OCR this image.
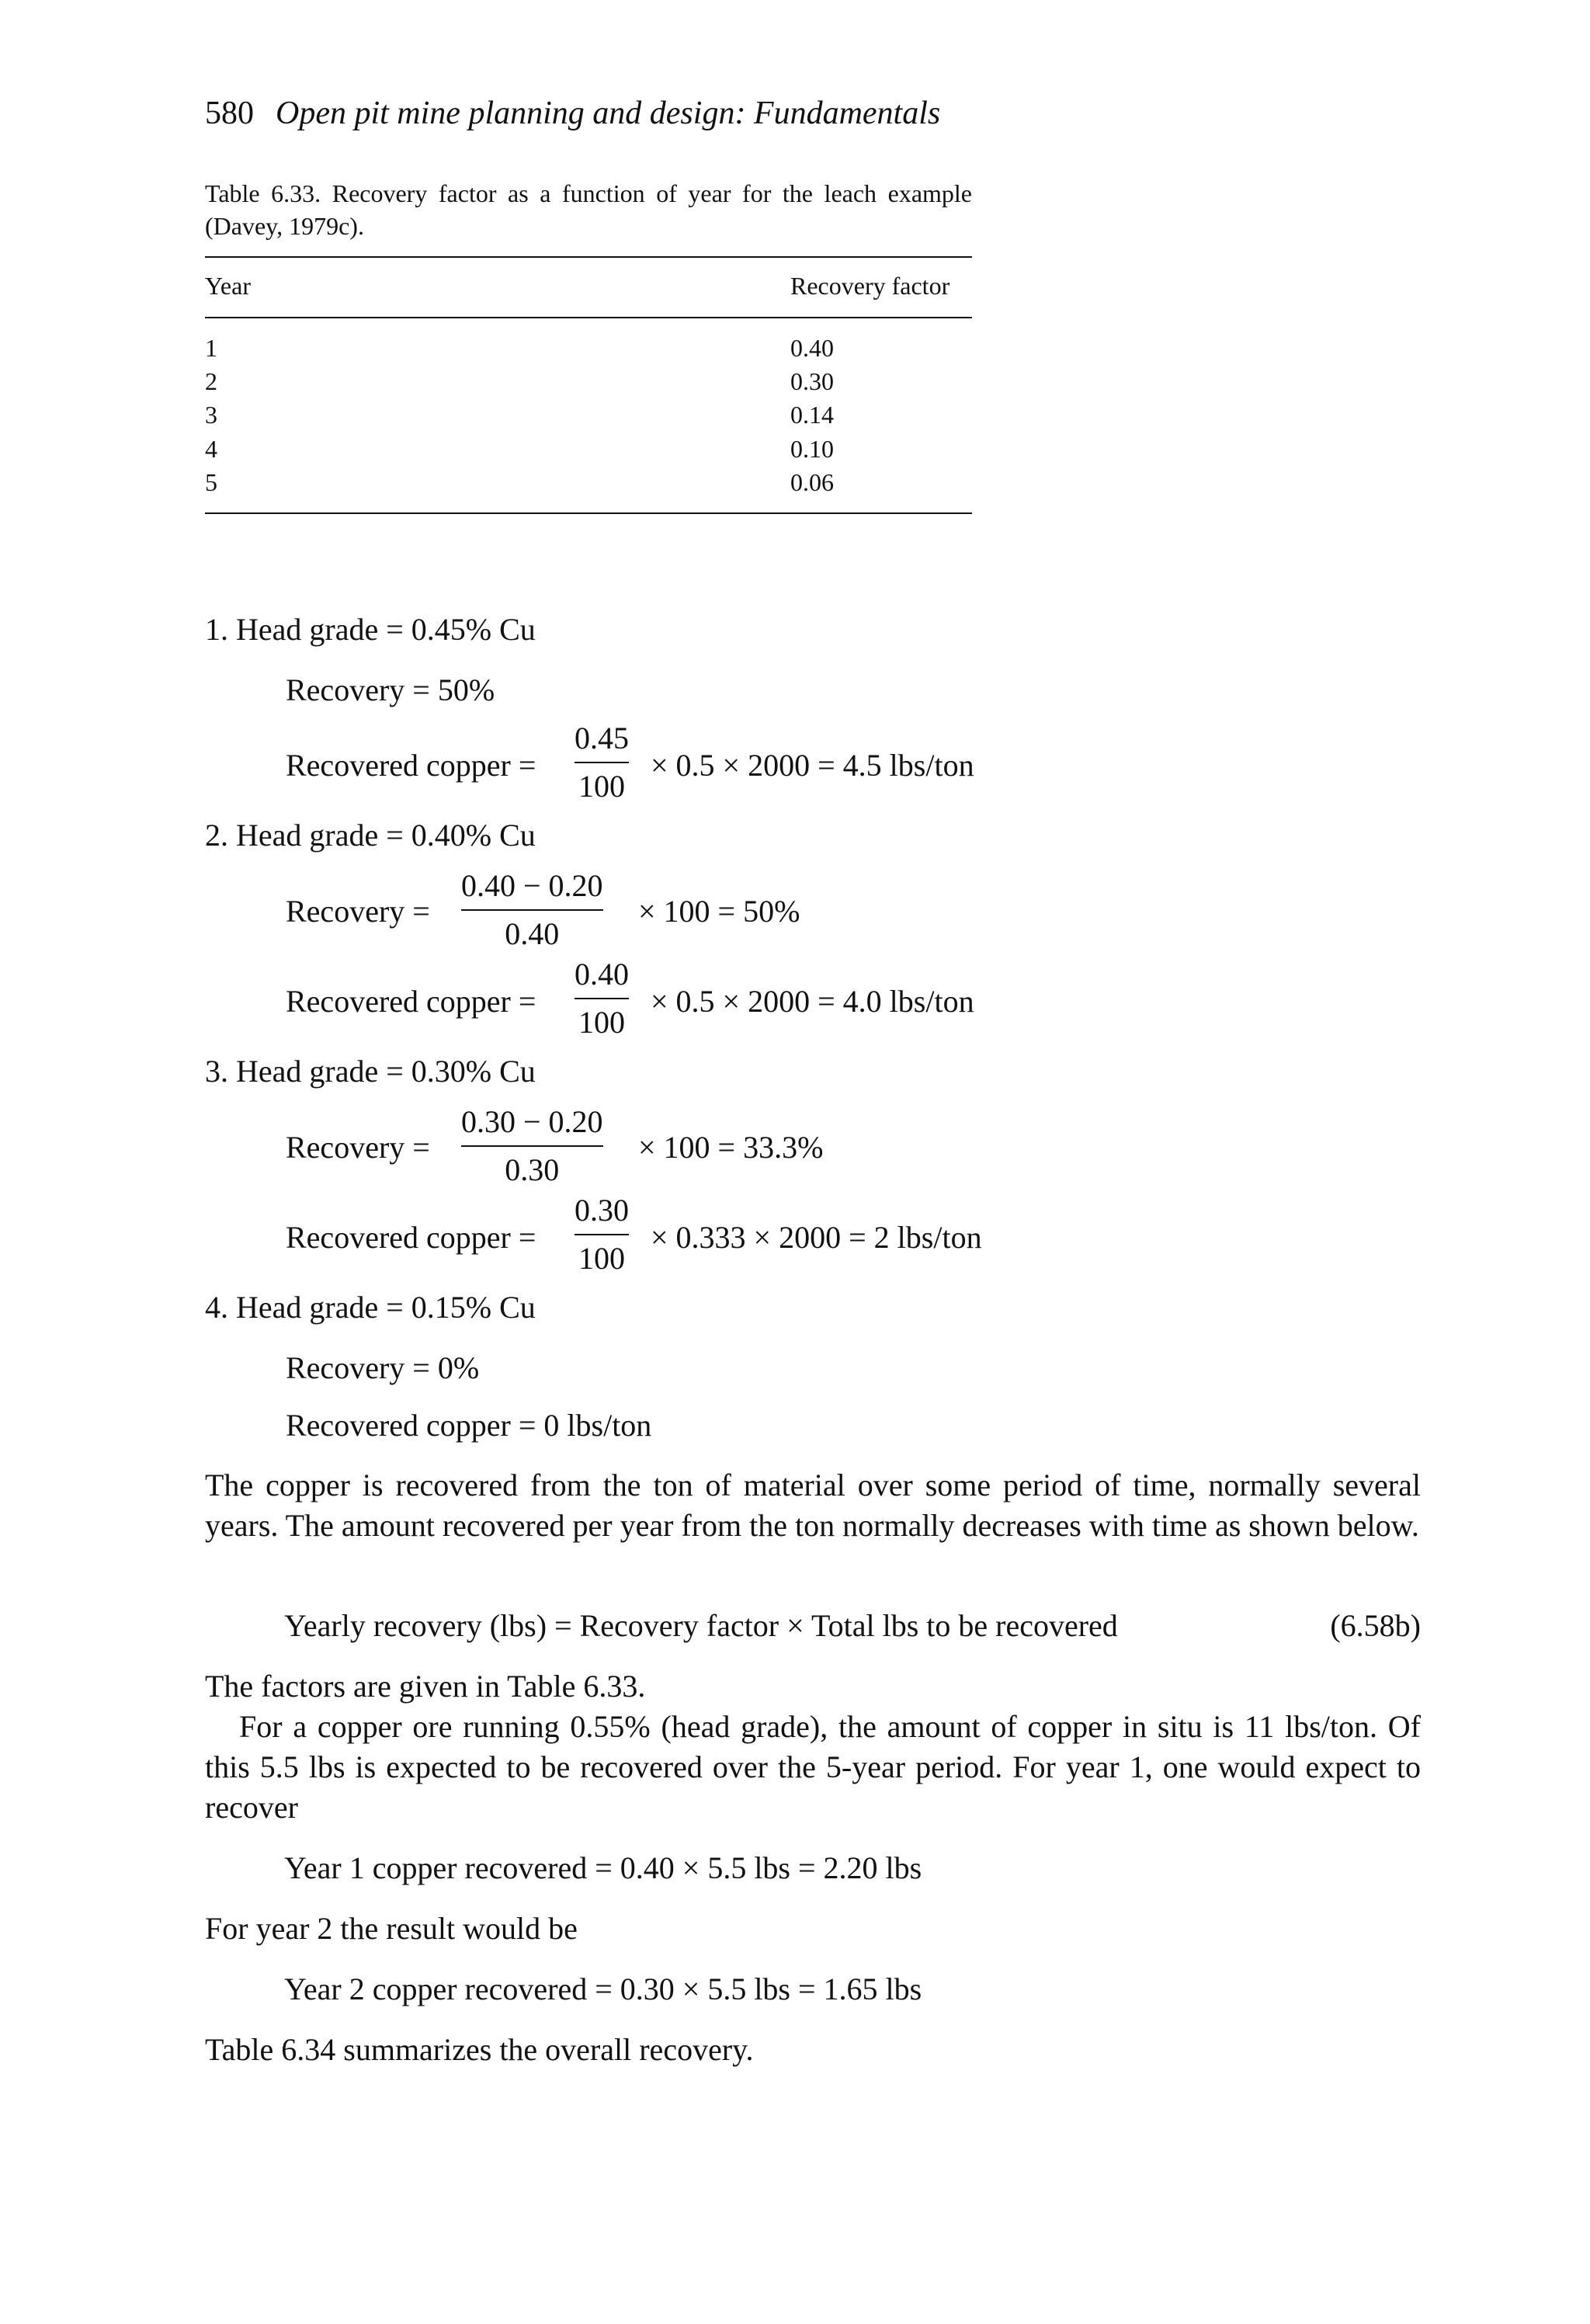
580 Open pit mine planning and design: Fundamentals
Table 6.33. Recovery factor as a function of year for the leach example (Davey, 1979c).
Year	Recovery factor
1	0.40
2	0.30
3	0.14
4	0.10
5	0.06
1. Head grade = 0.45% Cu
Recovery = 50%
Recovered copper =
0.45
100
× 0.5 × 2000 = 4.5 lbs/ton
2. Head grade = 0.40% Cu
Recovery =
0.40 − 0.20
0.40
× 100 = 50%
Recovered copper =
0.40
100
× 0.5 × 2000 = 4.0 lbs/ton
3. Head grade = 0.30% Cu
Recovery =
0.30 − 0.20
0.30
× 100 = 33.3%
Recovered copper =
0.30
100
× 0.333 × 2000 = 2 lbs/ton
4. Head grade = 0.15% Cu
Recovery = 0%
Recovered copper = 0 lbs/ton
The copper is recovered from the ton of material over some period of time, normally several years. The amount recovered per year from the ton normally decreases with time as shown below.
Yearly recovery (lbs) = Recovery factor × Total lbs to be recovered	(6.58b)
The factors are given in Table 6.33.
For a copper ore running 0.55% (head grade), the amount of copper in situ is 11 lbs/ton. Of this 5.5 lbs is expected to be recovered over the 5-year period. For year 1, one would expect to recover
Year 1 copper recovered = 0.40 × 5.5 lbs = 2.20 lbs
For year 2 the result would be
Year 2 copper recovered = 0.30 × 5.5 lbs = 1.65 lbs
Table 6.34 summarizes the overall recovery.
